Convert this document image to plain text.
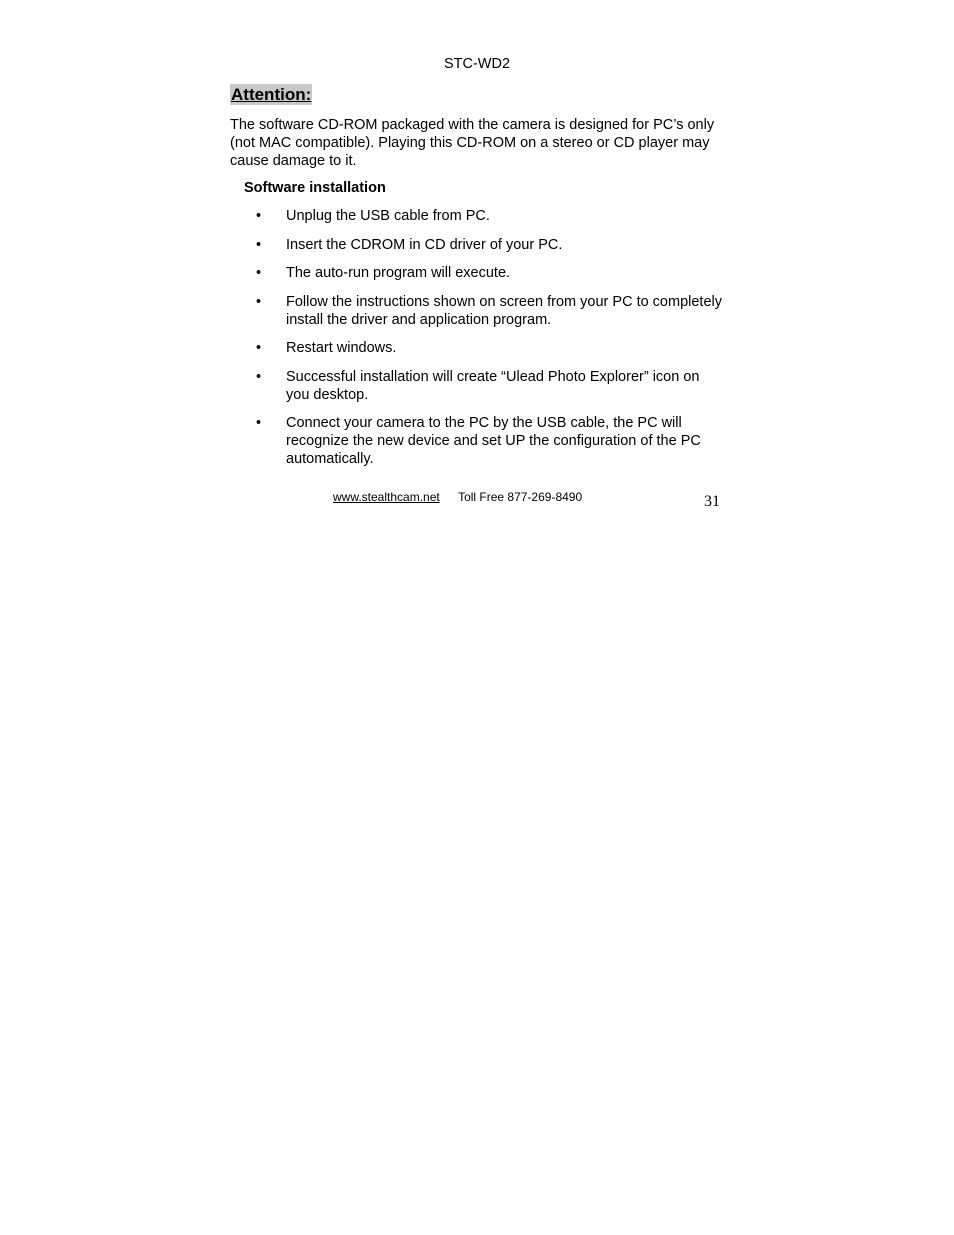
STC-WD2
Attention:

The software CD-ROM packaged with the camera is designed for PC’s only (not MAC compatible). Playing this CD-ROM on a stereo or CD player may cause damage to it.

Software installation
• Unplug the USB cable from PC.
• Insert the CDROM in CD driver of your PC.
• The auto-run program will execute.
• Follow the instructions shown on screen from your PC to completely install the driver and application program.
• Restart windows.
• Successful installation will create “Ulead Photo Explorer” icon on you desktop.
• Connect your camera to the PC by the USB cable, the PC will recognize the new device and set UP the configuration of the PC automatically.
www.stealthcam.net Toll Free 877-269-8490	31
